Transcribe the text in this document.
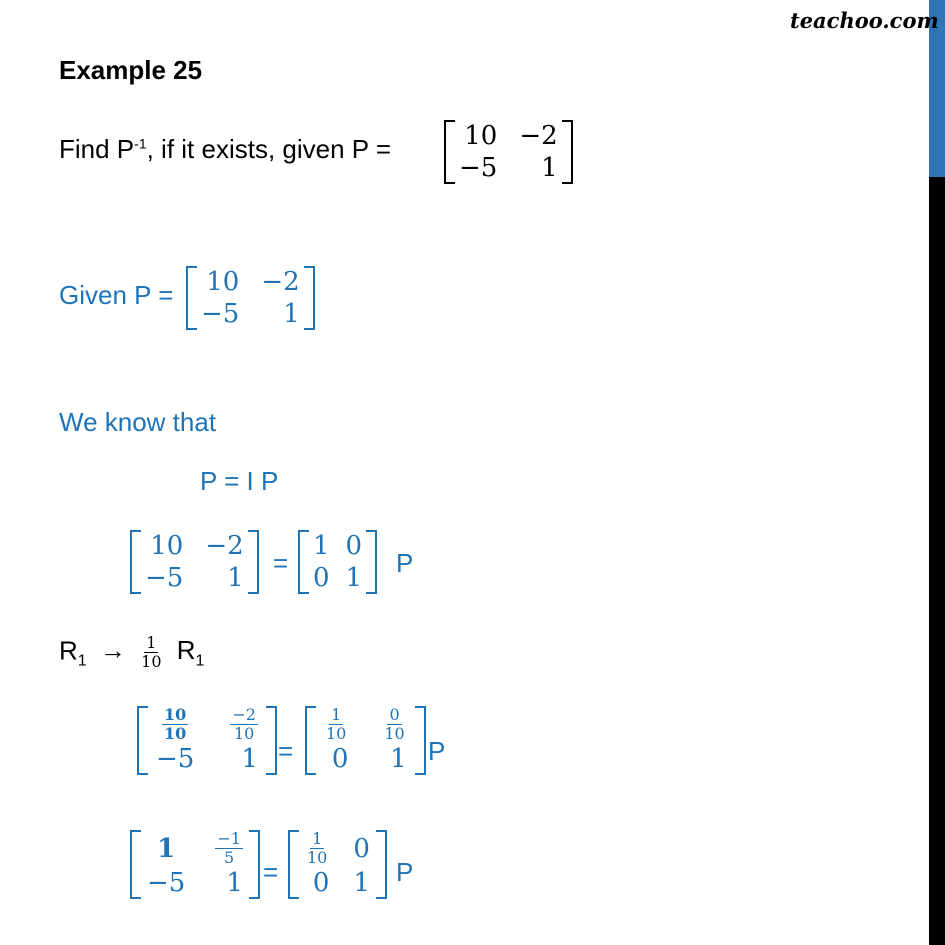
teachoo.com
Example 25
Find $P^{-1}$, if it exists, given P =	10 −2
−5	1
Given P = 10 −2
−5	1
We know that
P = I P
10 −2
−5	1 =
1 0
0 1 P
$R_1 \to \frac{1}{10} R_1$
$\frac{10}{10} \frac{-2}{10}$
−5	1 =
$\frac{1}{10} \frac{0}{10}$
0	1 P
1	$\frac{-1}{5}$
−5	1 =
$\frac{1}{10} 0$
0 1 P
